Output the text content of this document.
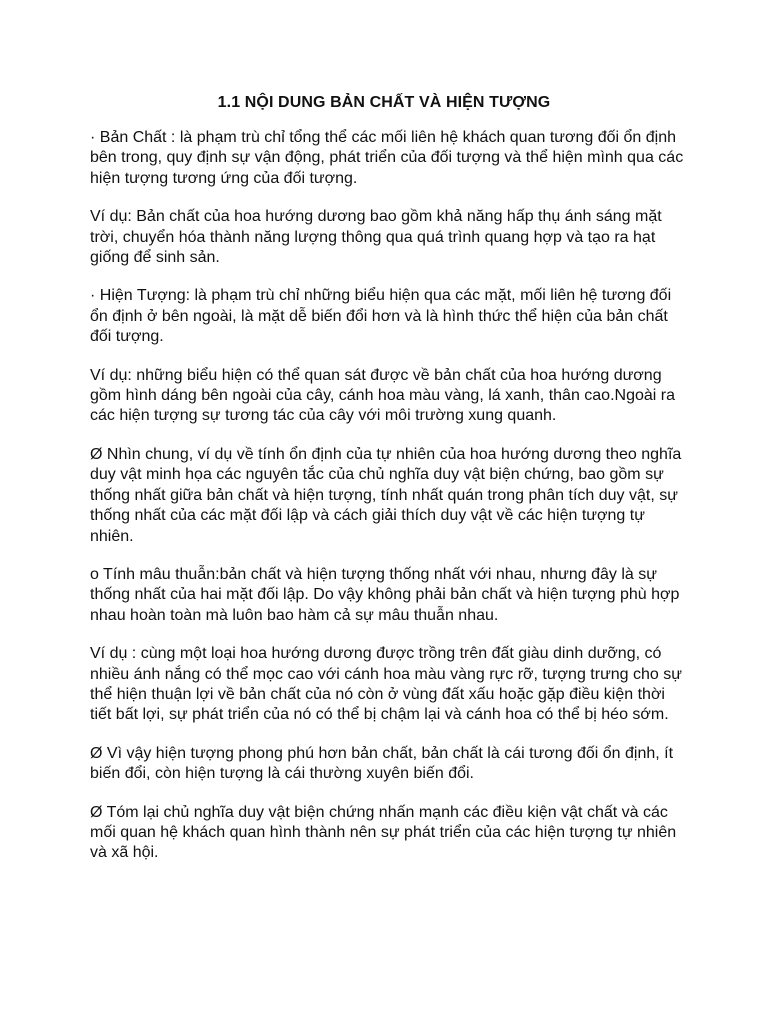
1.1 NỘI DUNG BẢN CHẤT VÀ HIỆN TƯỢNG

· Bản Chất : là phạm trù chỉ tổng thể các mối liên hệ khách quan tương đối ổn định bên trong, quy định sự vận động, phát triển của đối tượng và thể hiện mình qua các hiện tượng tương ứng của đối tượng.

Ví dụ: Bản chất của hoa hướng dương bao gồm khả năng hấp thụ ánh sáng mặt trời, chuyển hóa thành năng lượng thông qua quá trình quang hợp và tạo ra hạt giống để sinh sản.

· Hiện Tượng: là phạm trù chỉ những biểu hiện qua các mặt, mối liên hệ tương đối ổn định ở bên ngoài, là mặt dễ biến đổi hơn và là hình thức thể hiện của bản chất đối tượng.

Ví dụ: những biểu hiện có thể quan sát được về bản chất của hoa hướng dương gồm hình dáng bên ngoài của cây, cánh hoa màu vàng, lá xanh, thân cao.Ngoài ra các hiện tượng sự tương tác của cây với môi trường xung quanh.

Ø Nhìn chung, ví dụ về tính ổn định của tự nhiên của hoa hướng dương theo nghĩa duy vật minh họa các nguyên tắc của chủ nghĩa duy vật biện chứng, bao gồm sự thống nhất giữa bản chất và hiện tượng, tính nhất quán trong phân tích duy vật, sự thống nhất của các mặt đối lập và cách giải thích duy vật về các hiện tượng tự nhiên.

o Tính mâu thuẫn:bản chất và hiện tượng thống nhất với nhau, nhưng đây là sự thống nhất của hai mặt đối lập. Do vậy không phải bản chất và hiện tượng phù hợp nhau hoàn toàn mà luôn bao hàm cả sự mâu thuẫn nhau.

Ví dụ : cùng một loại hoa hướng dương được trồng trên đất giàu dinh dưỡng, có nhiều ánh nắng có thể mọc cao với cánh hoa màu vàng rực rỡ, tượng trưng cho sự thể hiện thuận lợi về bản chất của nó còn ở vùng đất xấu hoặc gặp điều kiện thời tiết bất lợi, sự phát triển của nó có thể bị chậm lại và cánh hoa có thể bị héo sớm.

Ø Vì vậy hiện tượng phong phú hơn bản chất, bản chất là cái tương đối ổn định, ít biến đổi, còn hiện tượng là cái thường xuyên biến đổi.

Ø Tóm lại chủ nghĩa duy vật biện chứng nhấn mạnh các điều kiện vật chất và các mối quan hệ khách quan hình thành nên sự phát triển của các hiện tượng tự nhiên và xã hội.
